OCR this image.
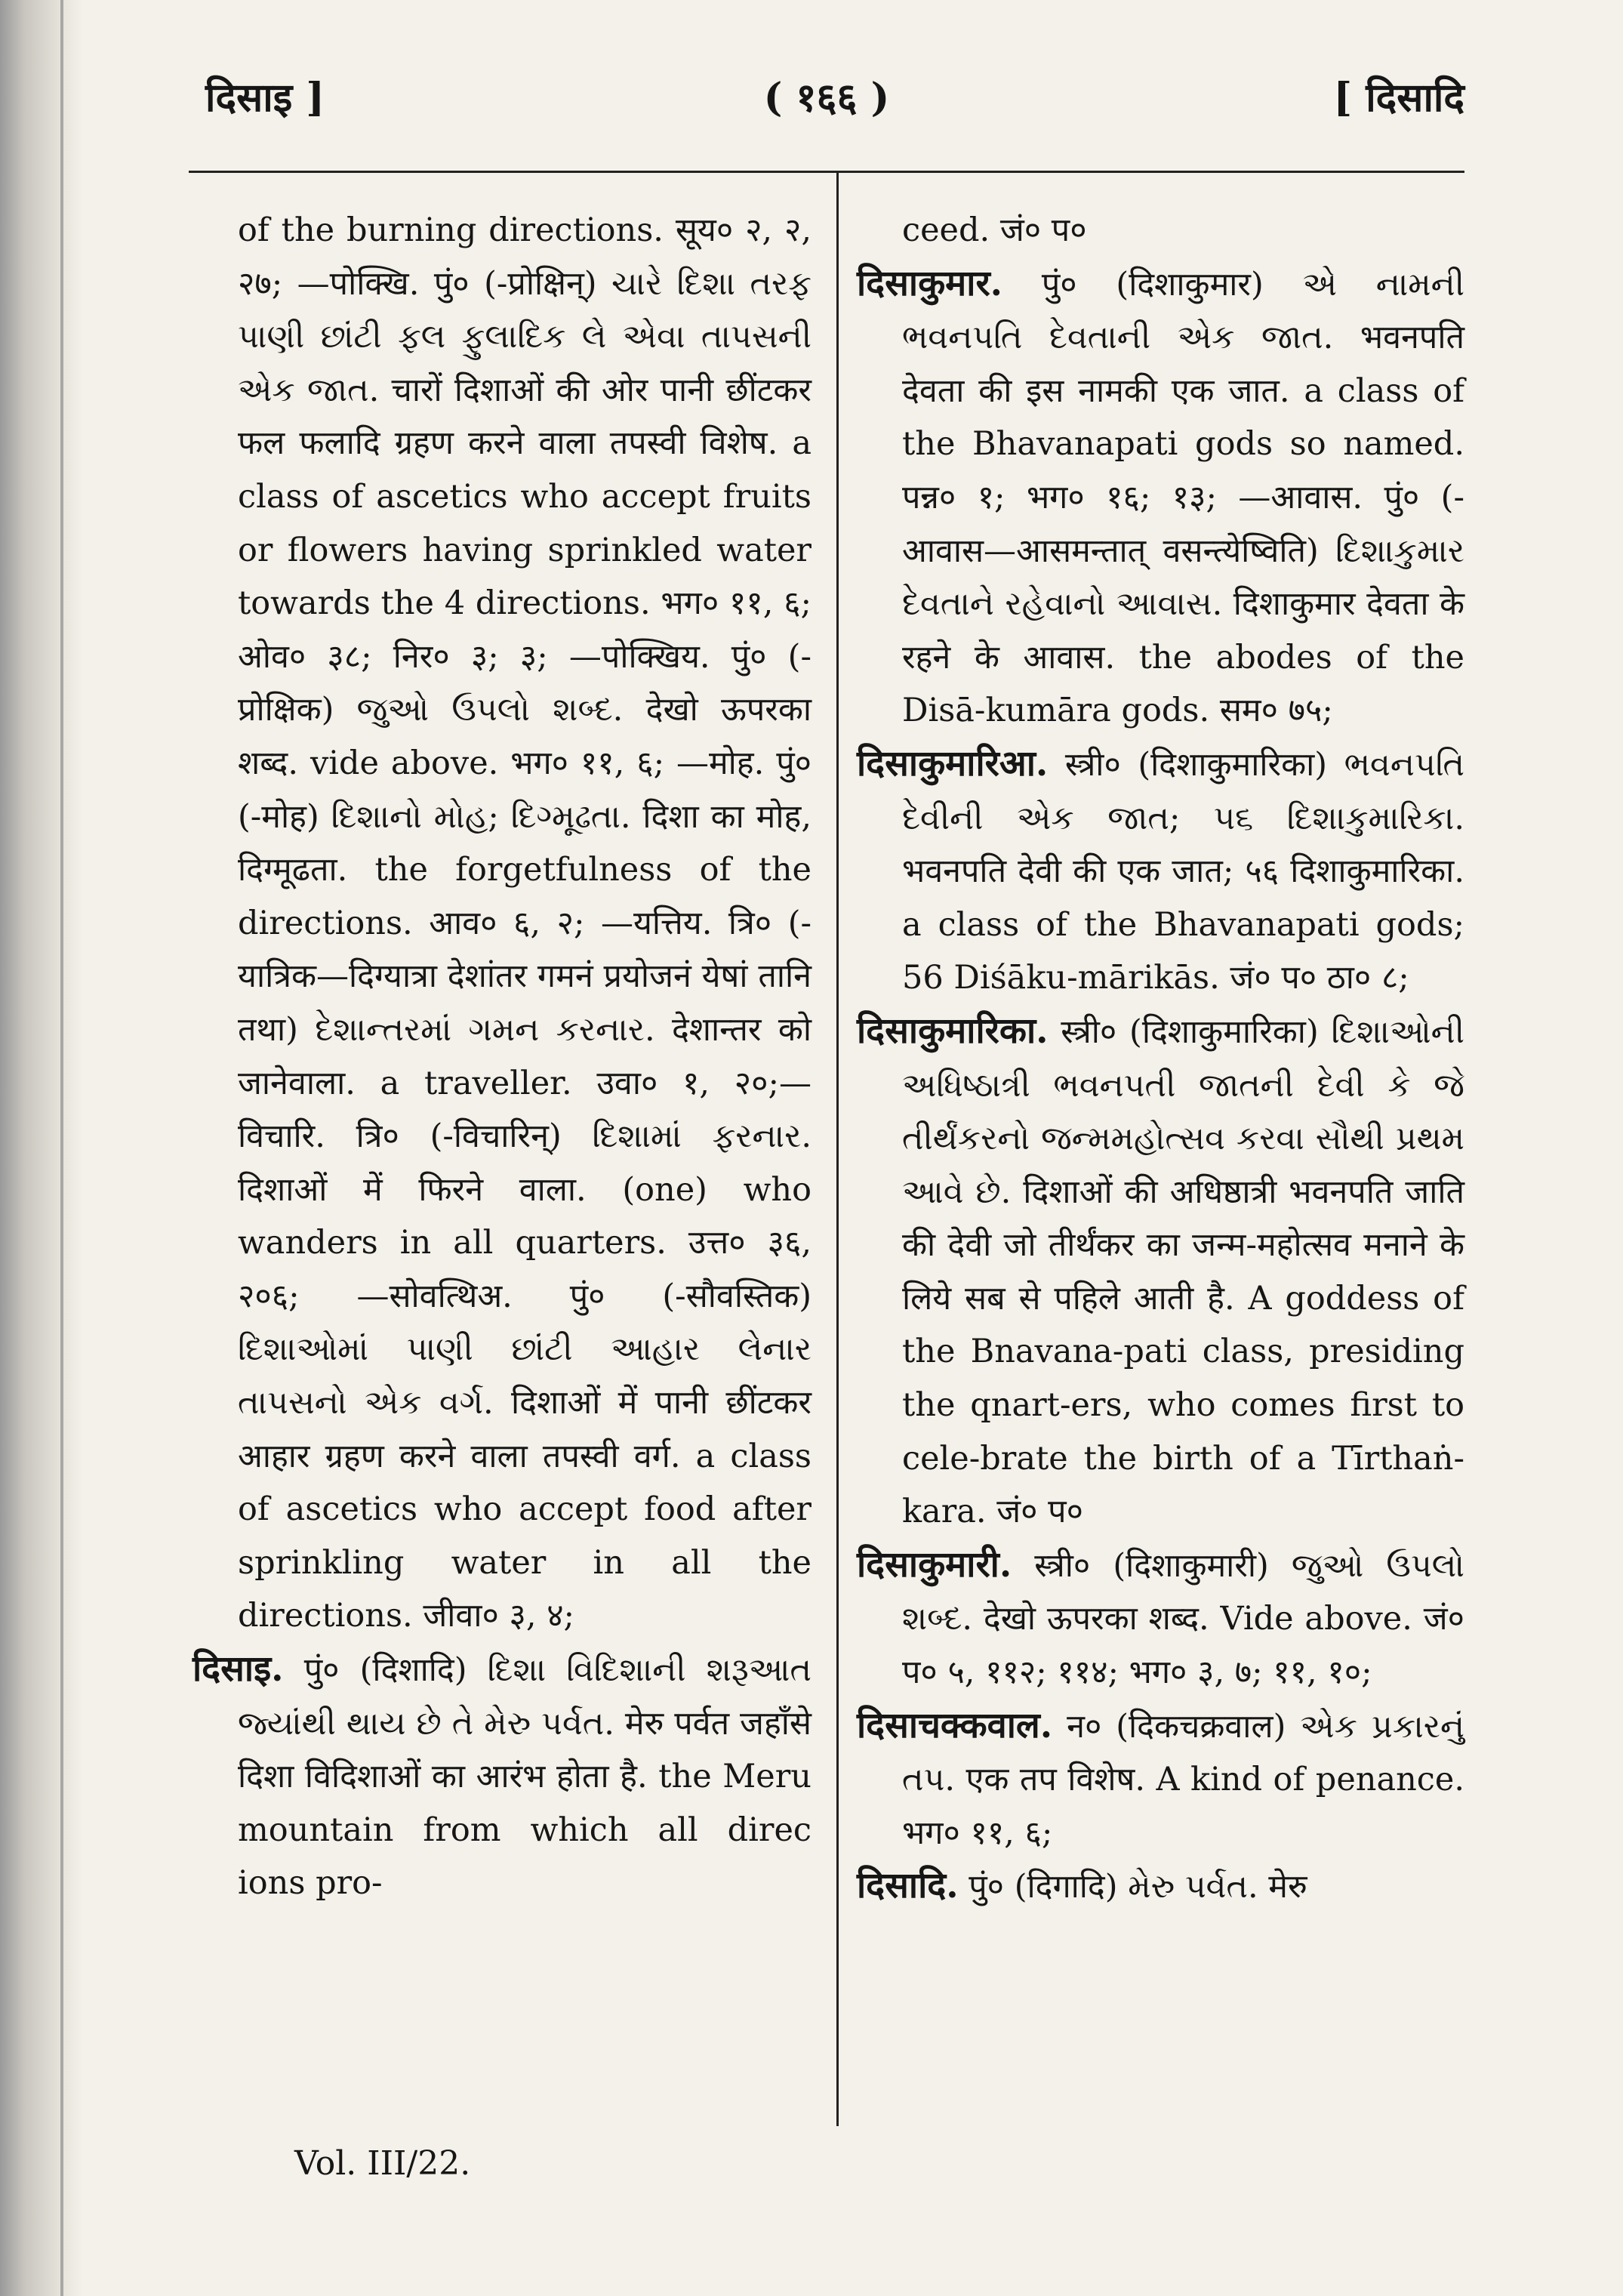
दिसाइ ]	( १६६ )	[ दिसादि

of the burning directions. सूय० २, २, २७; —पोक्खि. पुं० (-प्रोक्षिन्) ચારે દિશા તરફ પાણી છાંટી ફલ ફુલાદિક લે એવા તાપસની એક જાત. चारों दिशाओं की ओर पानी छींटकर फल फलादि ग्रहण करने वाला तपस्वी विशेष. a class of ascetics who accept fruits or flowers having sprinkled water towards the 4 directions. भग० ११, ६; ओव० ३८; निर० ३; ३; —पोक्खिय. पुं० (-प्रोक्षिक) જુઓ ઉપલો શબ્દ. देखो ऊपरका शब्द. vide above. भग० ११, ६; —मोह. पुं० (-मोह) દિશાનો મોહ; દિગ્મૂઢતા. दिशा का मोह, दिग्मूढता. the forgetfulness of the directions. आव० ६, २; —यत्तिय. त्रि० (-यात्रिक—दिग्यात्रा देशांतर गमनं प्रयोजनं येषां तानि तथा) દેશાન્તરમાં ગમન કરનાર. देशान्तर को जानेवाला. a traveller. उवा० १, २०;—विचारि. त्रि० (-विचारिन्) દિશામાં ફરનાર. दिशाओं में फिरने वाला. (one) who wanders in all quarters. उत्त० ३६, २०६; —सोवत्थिअ. पुं० (-सौवस्तिक) દિશાઓમાં પાણી છાંટી આહાર લેનાર તાપસનો એક વર્ગ. दिशाओं में पानी छींटकर आहार ग्रहण करने वाला तपस्वी वर्ग. a class of ascetics who accept food after sprinkling water in all the directions. जीवा० ३, ४;

दिसाइ. पुं० (दिशादि) દિશા વિદિશાની શરૂઆત જ્યાંથી થાય છે તે મેરુ પર્વત. मेरु पर्वत जहाँसे दिशा विदिशाओं का आरंभ होता है. the Meru mountain from which all direc ions pro-

ceed. जं० प०

दिसाकुमार. पुं० (दिशाकुमार) એ નામની ભવનપતિ દેવતાની એક જાત. भवनपति देवता की इस नामकी एक जात. a class of the Bhavanapati gods so named. पन्न० १; भग० १६; १३; —आवास. पुं० (-आवास—आसमन्तात् वसन्त्येष्विति) દિશાકુમાર દેવતાને રહેવાનો આવાસ. दिशाकुमार देवता के रहने के आवास. the abodes of the Disā-kumāra gods. सम० ७५;

दिसाकुमारिआ. स्त्री० (दिशाकुमारिका) ભવનપતિ દેવીની એક જાત; ૫૬ દિશાકુમારિકા. भवनपति देवी की एक जात; ५६ दिशाकुमारिका. a class of the Bhavanapati gods; 56 Diśāku-mārikās. जं० प० ठा० ८;

दिसाकुमारिका. स्त्री० (दिशाकुमारिका) દિશાઓની અધિષ્ઠાત્રી ભવનપતી જાતની દેવી કે જે તીર્થંકરનો જન્મમહોત્સવ કરવા સૌથી પ્રથમ આવે છે. दिशाओं की अधिष्ठात्री भवनपति जाति की देवी जो तीर्थंकर का जन्म-महोत्सव मनाने के लिये सब से पहिले आती है. A goddess of the Bnavana-pati class, presiding the qnart-ers, who comes first to cele-brate the birth of a Tīrthaṅ-kara. जं० प०

दिसाकुमारी. स्त्री० (दिशाकुमारी) જુઓ ઉપલો શબ્દ. देखो ऊपरका शब्द. Vide above. जं० प० ५, ११२; ११४; भग० ३, ७; ११, १०;

दिसाचक्कवाल. न० (दिकचक्रवाल) એક પ્રકારનું તપ. एक तप विशेष. A kind of penance. भग० ११, ६;

दिसादि. पुं० (दिगादि) મેરુ પર્વત. मेरु

Vol. III/22.
